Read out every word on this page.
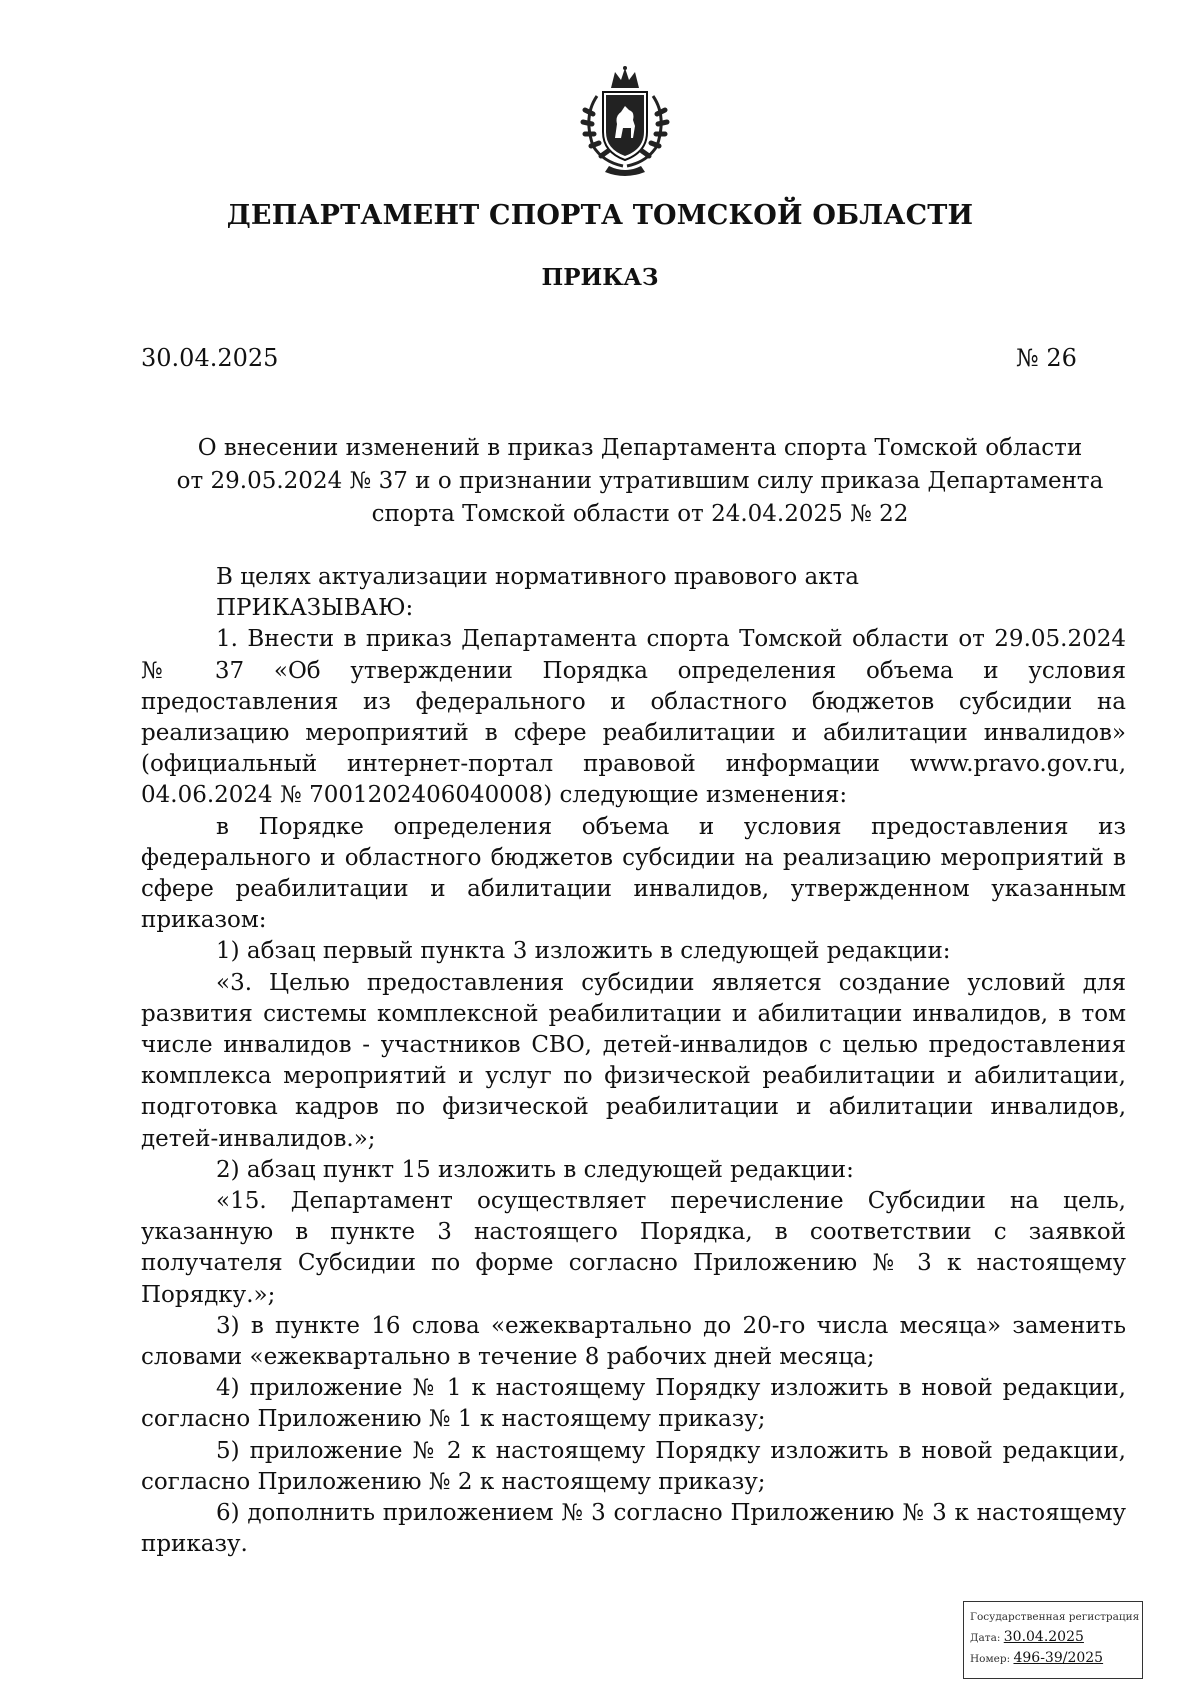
ДЕПАРТАМЕНТ СПОРТА ТОМСКОЙ ОБЛАСТИ
ПРИКАЗ
30.04.2025	№ 26
О внесении изменений в приказ Департамента спорта Томской области
от 29.05.2024 № 37 и о признании утратившим силу приказа Департамента
спорта Томской области от 24.04.2025 № 22

В целях актуализации нормативного правового акта

ПРИКАЗЫВАЮ:

1. Внести в приказ Департамента спорта Томской области от 29.05.2024 № 37 «Об утверждении Порядка определения объема и условия предоставления из федерального и областного бюджетов субсидии на реализацию мероприятий в сфере реабилитации и абилитации инвалидов» (официальный интернет-портал правовой информации www.pravo.gov.ru, 04.06.2024 № 7001202406040008) следующие изменения:

в Порядке определения объема и условия предоставления из федерального и областного бюджетов субсидии на реализацию мероприятий в сфере реабилитации и абилитации инвалидов, утвержденном указанным приказом:

1) абзац первый пункта 3 изложить в следующей редакции:

«3. Целью предоставления субсидии является создание условий для развития системы комплексной реабилитации и абилитации инвалидов, в том числе инвалидов - участников СВО, детей-инвалидов с целью предоставления комплекса мероприятий и услуг по физической реабилитации и абилитации, подготовка кадров по физической реабилитации и абилитации инвалидов, детей-инвалидов.»;

2) абзац пункт 15 изложить в следующей редакции:

«15. Департамент осуществляет перечисление Субсидии на цель, указанную в пункте 3 настоящего Порядка, в соответствии с заявкой получателя Субсидии по форме согласно Приложению № 3 к настоящему Порядку.»;

3) в пункте 16 слова «ежеквартально до 20-го числа месяца» заменить словами «ежеквартально в течение 8 рабочих дней месяца;

4) приложение № 1 к настоящему Порядку изложить в новой редакции, согласно Приложению № 1 к настоящему приказу;

5) приложение № 2 к настоящему Порядку изложить в новой редакции, согласно Приложению № 2 к настоящему приказу;

6) дополнить приложением № 3 согласно Приложению № 3 к настоящему приказу.

Государственная регистрация
Дата: 30.04.2025
Номер: 496-39/2025
